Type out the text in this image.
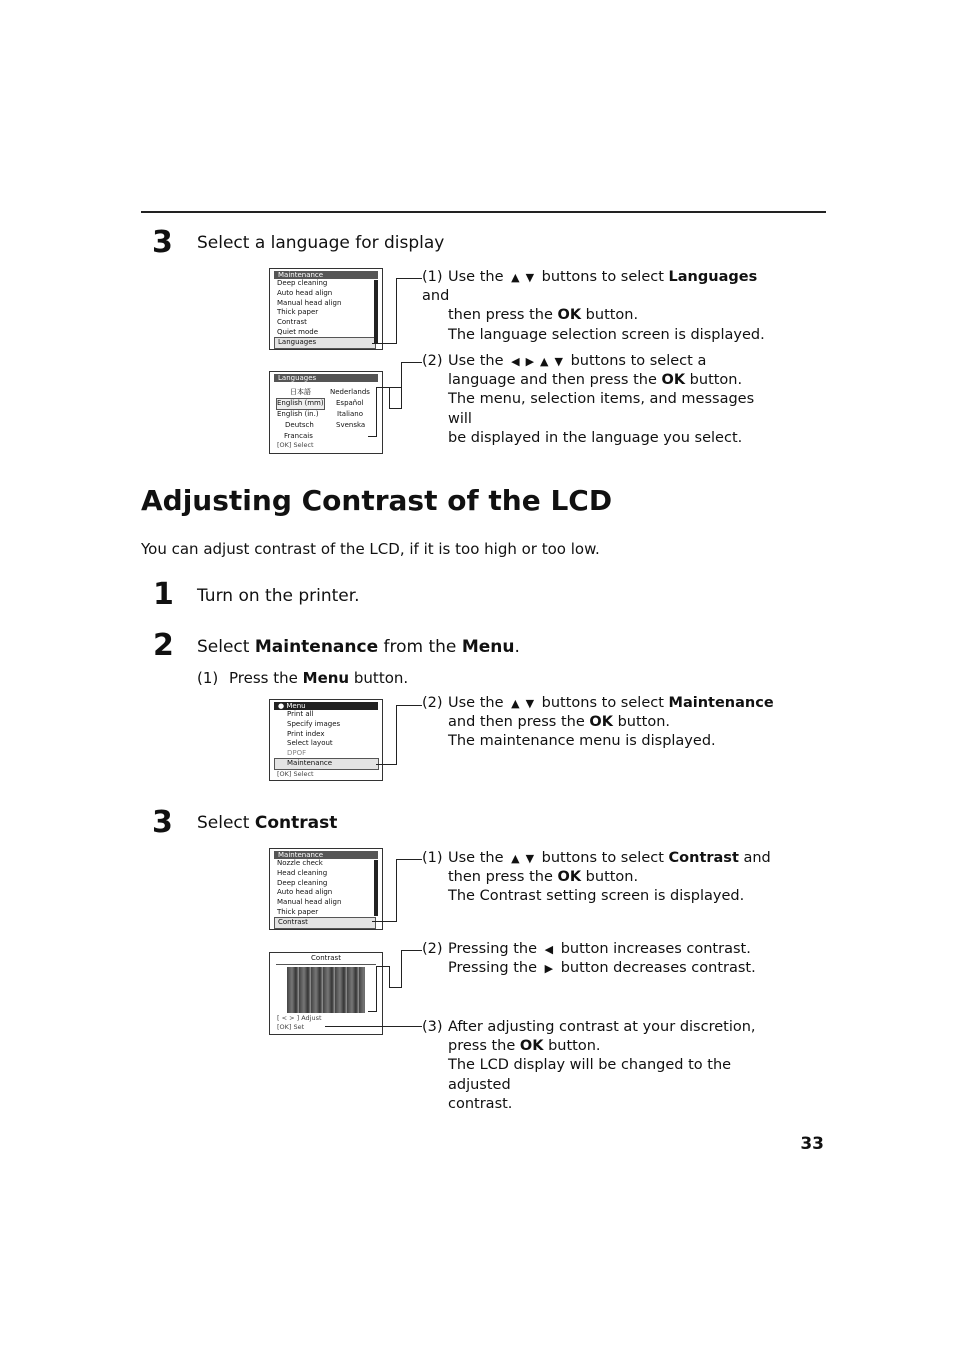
3 Select a language for display
Maintenance
Deep cleaning
Auto head align
Manual head align
Thick paper
Contrast
Quiet mode
Languages
Languages
日本語
English (mm)
English (in.)
Deutsch
Francais
Nederlands
Español
Italiano
Svenska
[OK] Select
(1) Use the ▲ ▼ buttons to select Languages and
then press the OK button.
The language selection screen is displayed.
(2) Use the ◀ ▶ ▲ ▼ buttons to select a
language and then press the OK button.
The menu, selection items, and messages will
be displayed in the language you select.
Adjusting Contrast of the LCD
You can adjust contrast of the LCD, if it is too high or too low.
1 Turn on the printer.
2 Select Maintenance from the Menu.
(1) Press the Menu button.
● Menu
Print all
Specify images
Print index
Select layout
DPOF
Maintenance
[OK] Select
(2) Use the ▲ ▼ buttons to select Maintenance
and then press the OK button.
The maintenance menu is displayed.
3 Select Contrast
Maintenance
Nozzle check
Head cleaning
Deep cleaning
Auto head align
Manual head align
Thick paper
Contrast
Contrast
[ < > ] Adjust
[OK] Set
(1) Use the ▲ ▼ buttons to select Contrast and
then press the OK button.
The Contrast setting screen is displayed.
(2) Pressing the ◀ button increases contrast.
Pressing the ▶ button decreases contrast.
(3) After adjusting contrast at your discretion,
press the OK button.
The LCD display will be changed to the adjusted
contrast.
33
